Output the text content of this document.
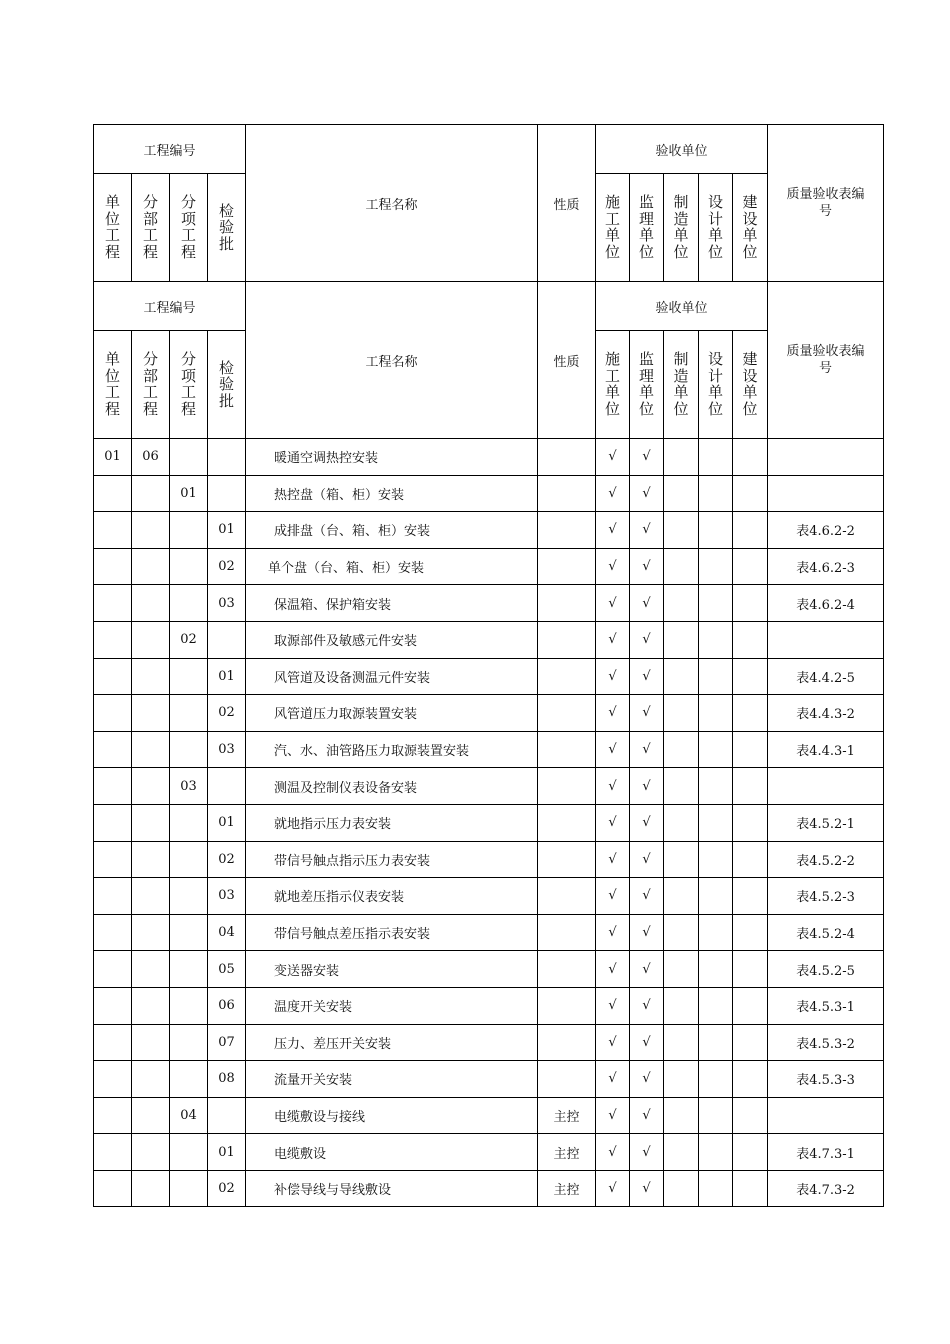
工程编号				工程名称	性质	验收单位					质量验收表编号

单位工程	分部工程	分项工程	检验批			施工单位	监理单位	制造单位	设计单位	建设单位	
工程编号				工程名称	性质	验收单位					质量验收表编号

单位工程	分部工程	分项工程	检验批			施工单位	监理单位	制造单位	设计单位	建设单位	
01	06			暖通空调热控安装		√	√				
		01		热控盘（箱、柜）安装		√	√				
			01	成排盘（台、箱、柜）安装		√	√				表4.6.2-2
			02	单个盘（台、箱、柜）安装		√	√				表4.6.2-3
			03	保温箱、保护箱安装		√	√				表4.6.2-4
		02		取源部件及敏感元件安装		√	√				
			01	风管道及设备测温元件安装		√	√				表4.4.2-5
			02	风管道压力取源装置安装		√	√				表4.4.3-2
			03	汽、水、油管路压力取源装置安装		√	√				表4.4.3-1
		03		测温及控制仪表设备安装		√	√				
			01	就地指示压力表安装		√	√				表4.5.2-1
			02	带信号触点指示压力表安装		√	√				表4.5.2-2
			03	就地差压指示仪表安装		√	√				表4.5.2-3
			04	带信号触点差压指示表安装		√	√				表4.5.2-4
			05	变送器安装		√	√				表4.5.2-5
			06	温度开关安装		√	√				表4.5.3-1
			07	压力、差压开关安装		√	√				表4.5.3-2
			08	流量开关安装		√	√				表4.5.3-3
		04		电缆敷设与接线	主控	√	√				
			01	电缆敷设	主控	√	√				表4.7.3-1
			02	补偿导线与导线敷设	主控	√	√				表4.7.3-2
